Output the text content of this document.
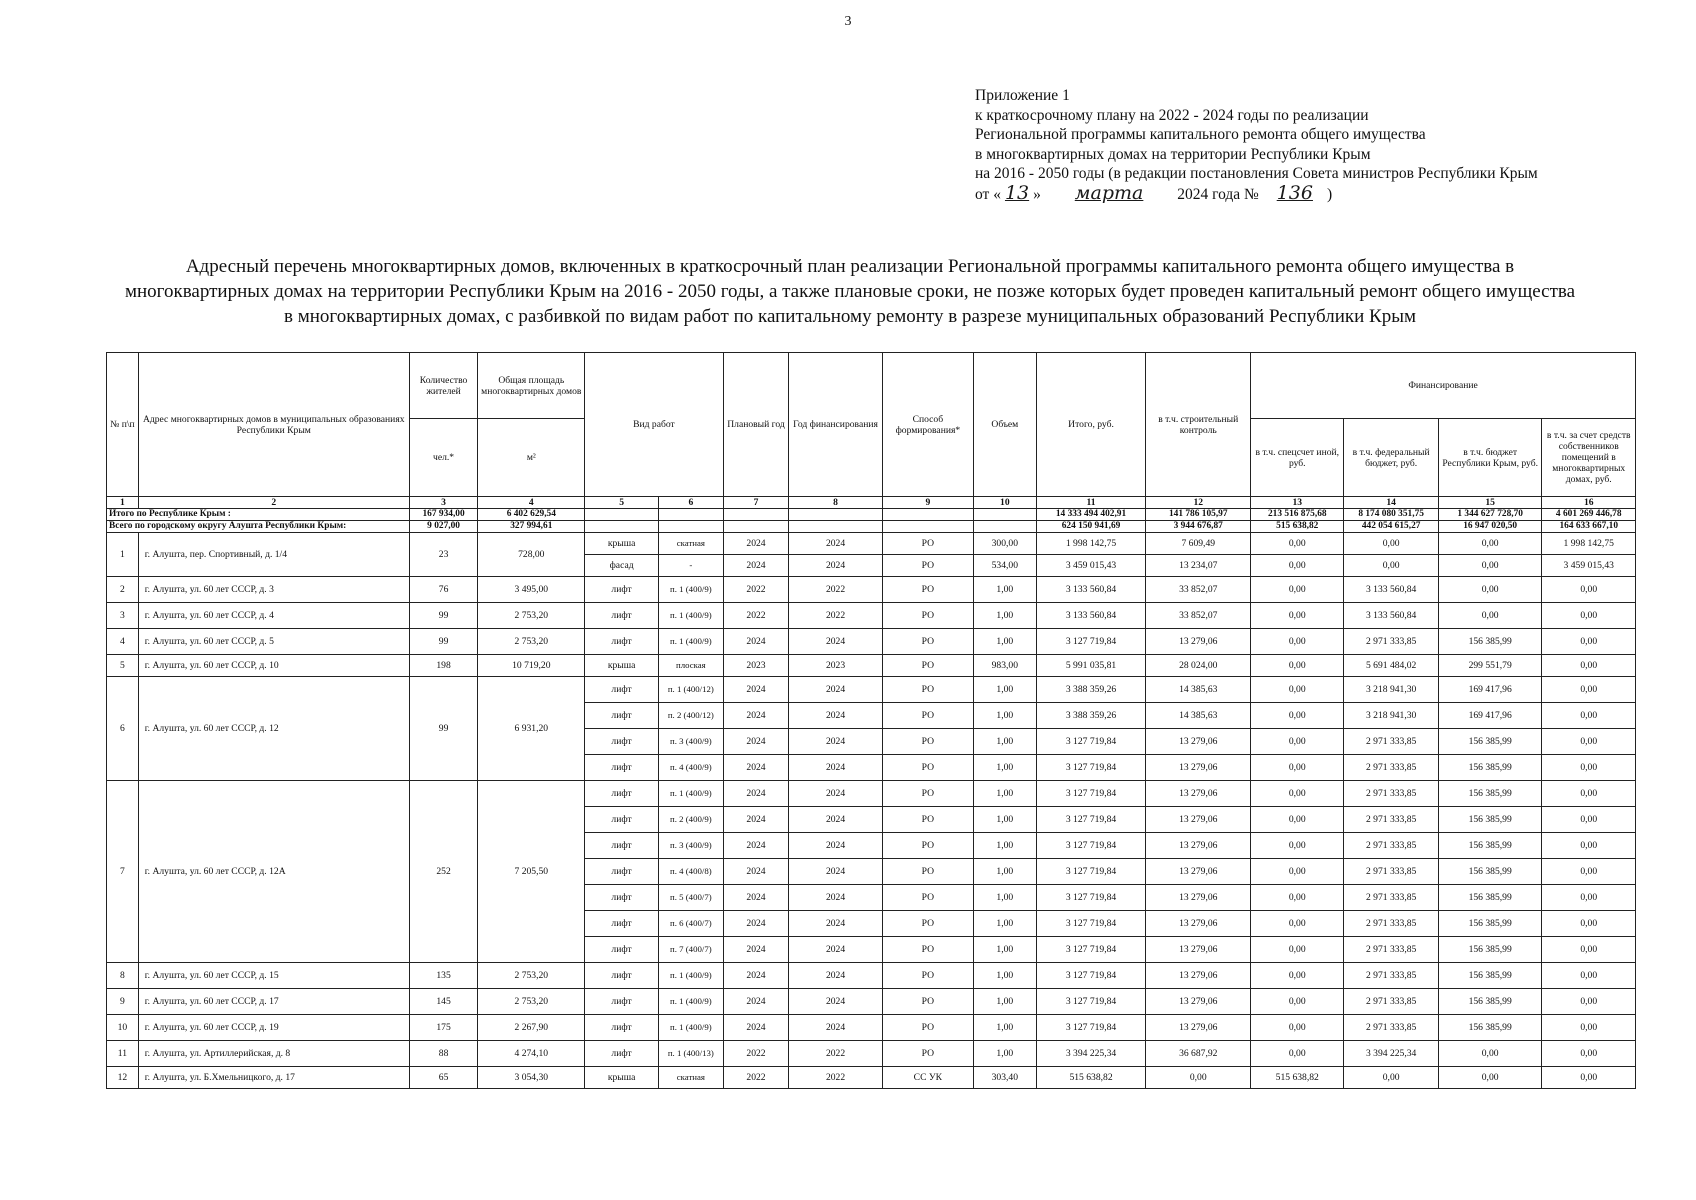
3
Приложение 1
к краткосрочному плану на 2022 - 2024 годы по реализации
Региональной программы капитального ремонта общего имущества
в многоквартирных домах на территории Республики Крым
на 2016 - 2050 годы (в редакции постановления Совета министров Республики Крым
от « 13 » марта 2024 года № 136 )
Адресный перечень многоквартирных домов, включенных в краткосрочный план реализации Региональной программы капитального ремонта общего имущества в многоквартирных домах на территории Республики Крым на 2016 - 2050 годы, а также плановые сроки, не позже которых будет проведен капитальный ремонт общего имущества в многоквартирных домах, с разбивкой по видам работ по капитальному ремонту в разрезе муниципальных образований Республики Крым
№ п\п	Адрес многоквартирных домов в муниципальных образованиях Республики Крым	Количество жителей	Общая площадь многоквартирных домов	Вид работ		Плановый год	Год финансирования	Способ формирования*	Объем	Итого, руб.	в т.ч. строительный контроль	Финансирование			
		чел.*	м²									в т.ч. спецсчет иной, руб.	в т.ч. федеральный бюджет, руб.	в т.ч. бюджет Республики Крым, руб.	в т.ч. за счет средств собственников помещений в многоквартирных домах, руб.
1	2	3	4	5	6	7	8	9	10	11	12	13	14	15	16
Итого по Республике Крым :		167 934,00	6 402 629,54							14 333 494 402,91	141 786 105,97	213 516 875,68	8 174 080 351,75	1 344 627 728,70	4 601 269 446,78
Всего по городскому округу Алушта Республики Крым:		9 027,00	327 994,61							624 150 941,69	3 944 676,87	515 638,82	442 054 615,27	16 947 020,50	164 633 667,10
1	г. Алушта, пер. Спортивный, д. 1/4	23	728,00	крыша	скатная	2024	2024	РО	300,00	1 998 142,75	7 609,49	0,00	0,00	0,00	1 998 142,75
				фасад	-	2024	2024	РО	534,00	3 459 015,43	13 234,07	0,00	0,00	0,00	3 459 015,43
2	г. Алушта, ул. 60 лет СССР, д. 3	76	3 495,00	лифт	п. 1 (400/9)	2022	2022	РО	1,00	3 133 560,84	33 852,07	0,00	3 133 560,84	0,00	0,00
3	г. Алушта, ул. 60 лет СССР, д. 4	99	2 753,20	лифт	п. 1 (400/9)	2022	2022	РО	1,00	3 133 560,84	33 852,07	0,00	3 133 560,84	0,00	0,00
4	г. Алушта, ул. 60 лет СССР, д. 5	99	2 753,20	лифт	п. 1 (400/9)	2024	2024	РО	1,00	3 127 719,84	13 279,06	0,00	2 971 333,85	156 385,99	0,00
5	г. Алушта, ул. 60 лет СССР, д. 10	198	10 719,20	крыша	плоская	2023	2023	РО	983,00	5 991 035,81	28 024,00	0,00	5 691 484,02	299 551,79	0,00
6	г. Алушта, ул. 60 лет СССР, д. 12	99	6 931,20	лифт	п. 1 (400/12)	2024	2024	РО	1,00	3 388 359,26	14 385,63	0,00	3 218 941,30	169 417,96	0,00
				лифт	п. 2 (400/12)	2024	2024	РО	1,00	3 388 359,26	14 385,63	0,00	3 218 941,30	169 417,96	0,00
				лифт	п. 3 (400/9)	2024	2024	РО	1,00	3 127 719,84	13 279,06	0,00	2 971 333,85	156 385,99	0,00
				лифт	п. 4 (400/9)	2024	2024	РО	1,00	3 127 719,84	13 279,06	0,00	2 971 333,85	156 385,99	0,00
7	г. Алушта, ул. 60 лет СССР, д. 12А	252	7 205,50	лифт	п. 1 (400/9)	2024	2024	РО	1,00	3 127 719,84	13 279,06	0,00	2 971 333,85	156 385,99	0,00
				лифт	п. 2 (400/9)	2024	2024	РО	1,00	3 127 719,84	13 279,06	0,00	2 971 333,85	156 385,99	0,00
				лифт	п. 3 (400/9)	2024	2024	РО	1,00	3 127 719,84	13 279,06	0,00	2 971 333,85	156 385,99	0,00
				лифт	п. 4 (400/8)	2024	2024	РО	1,00	3 127 719,84	13 279,06	0,00	2 971 333,85	156 385,99	0,00
				лифт	п. 5 (400/7)	2024	2024	РО	1,00	3 127 719,84	13 279,06	0,00	2 971 333,85	156 385,99	0,00
				лифт	п. 6 (400/7)	2024	2024	РО	1,00	3 127 719,84	13 279,06	0,00	2 971 333,85	156 385,99	0,00
				лифт	п. 7 (400/7)	2024	2024	РО	1,00	3 127 719,84	13 279,06	0,00	2 971 333,85	156 385,99	0,00
8	г. Алушта, ул. 60 лет СССР, д. 15	135	2 753,20	лифт	п. 1 (400/9)	2024	2024	РО	1,00	3 127 719,84	13 279,06	0,00	2 971 333,85	156 385,99	0,00
9	г. Алушта, ул. 60 лет СССР, д. 17	145	2 753,20	лифт	п. 1 (400/9)	2024	2024	РО	1,00	3 127 719,84	13 279,06	0,00	2 971 333,85	156 385,99	0,00
10	г. Алушта, ул. 60 лет СССР, д. 19	175	2 267,90	лифт	п. 1 (400/9)	2024	2024	РО	1,00	3 127 719,84	13 279,06	0,00	2 971 333,85	156 385,99	0,00
11	г. Алушта, ул. Артиллерийская, д. 8	88	4 274,10	лифт	п. 1 (400/13)	2022	2022	РО	1,00	3 394 225,34	36 687,92	0,00	3 394 225,34	0,00	0,00
12	г. Алушта, ул. Б.Хмельницкого, д. 17	65	3 054,30	крыша	скатная	2022	2022	СС УК	303,40	515 638,82	0,00	515 638,82	0,00	0,00	0,00
